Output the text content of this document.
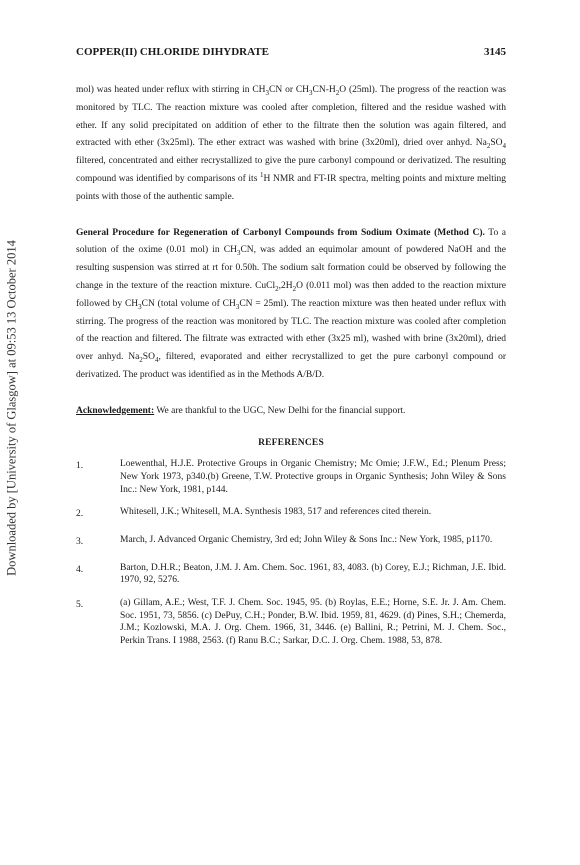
Downloaded by [University of Glasgow] at 09:53 13 October 2014
COPPER(II) CHLORIDE DIHYDRATE	3145

mol) was heated under reflux with stirring in $CH_3CN$ or $CH_3CN-H_2O$ (25ml). The progress of the reaction was monitored by TLC. The reaction mixture was cooled after completion, filtered and the residue washed with ether. If any solid precipitated on addition of ether to the filtrate then the solution was again filtered, and extracted with ether (3x25ml). The ether extract was washed with brine (3x20ml), dried over anhyd. $Na_2SO_4$ filtered, concentrated and either recrystallized to give the pure carbonyl compound or derivatized. The resulting compound was identified by comparisons of its $^1$H NMR and FT-IR spectra, melting points and mixture melting points with those of the authentic sample.

General Procedure for Regeneration of Carbonyl Compounds from Sodium Oximate (Method C). To a solution of the oxime (0.01 mol) in $CH_3CN$, was added an equimolar amount of powdered NaOH and the resulting suspension was stirred at rt for 0.50h. The sodium salt formation could be observed by following the change in the texture of the reaction mixture. $CuCl_2,2H_2O$ (0.011 mol) was then added to the reaction mixture followed by $CH_3CN$ (total volume of $CH_3CN = 25ml$). The reaction mixture was then heated under reflux with stirring. The progress of the reaction was monitored by TLC. The reaction mixture was cooled after completion of the reaction and filtered. The filtrate was extracted with ether (3x25 ml), washed with brine (3x20ml), dried over anhyd. $Na_2SO_4$, filtered, evaporated and either recrystallized to get the pure carbonyl compound or derivatized. The product was identified as in the Methods A/B/D.

Acknowledgement: We are thankful to the UGC, New Delhi for the financial support.

REFERENCES
1.	Loewenthal, H.J.E. Protective Groups in Organic Chemistry; Mc Omie; J.F.W., Ed.; Plenum Press; New York 1973, p340.(b) Greene, T.W. Protective groups in Organic Synthesis; John Wiley & Sons Inc.: New York, 1981, p144.
2.	Whitesell, J.K.; Whitesell, M.A. Synthesis 1983, 517 and references cited therein.
3.	March, J. Advanced Organic Chemistry, 3rd ed; John Wiley & Sons Inc.: New York, 1985, p1170.
4.	Barton, D.H.R.; Beaton, J.M. J. Am. Chem. Soc. 1961, 83, 4083. (b) Corey, E.J.; Richman, J.E. Ibid. 1970, 92, 5276.
5.	(a) Gillam, A.E.; West, T.F. J. Chem. Soc. 1945, 95. (b) Roylas, E.E.; Horne, S.E. Jr. J. Am. Chem. Soc. 1951, 73, 5856. (c) DePuy, C.H.; Ponder, B.W. Ibid. 1959, 81, 4629. (d) Pines, S.H.; Chemerda, J.M.; Kozlowski, M.A. J. Org. Chem. 1966, 31, 3446. (e) Ballini, R.; Petrini, M. J. Chem. Soc., Perkin Trans. I 1988, 2563. (f) Ranu B.C.; Sarkar, D.C. J. Org. Chem. 1988, 53, 878.
